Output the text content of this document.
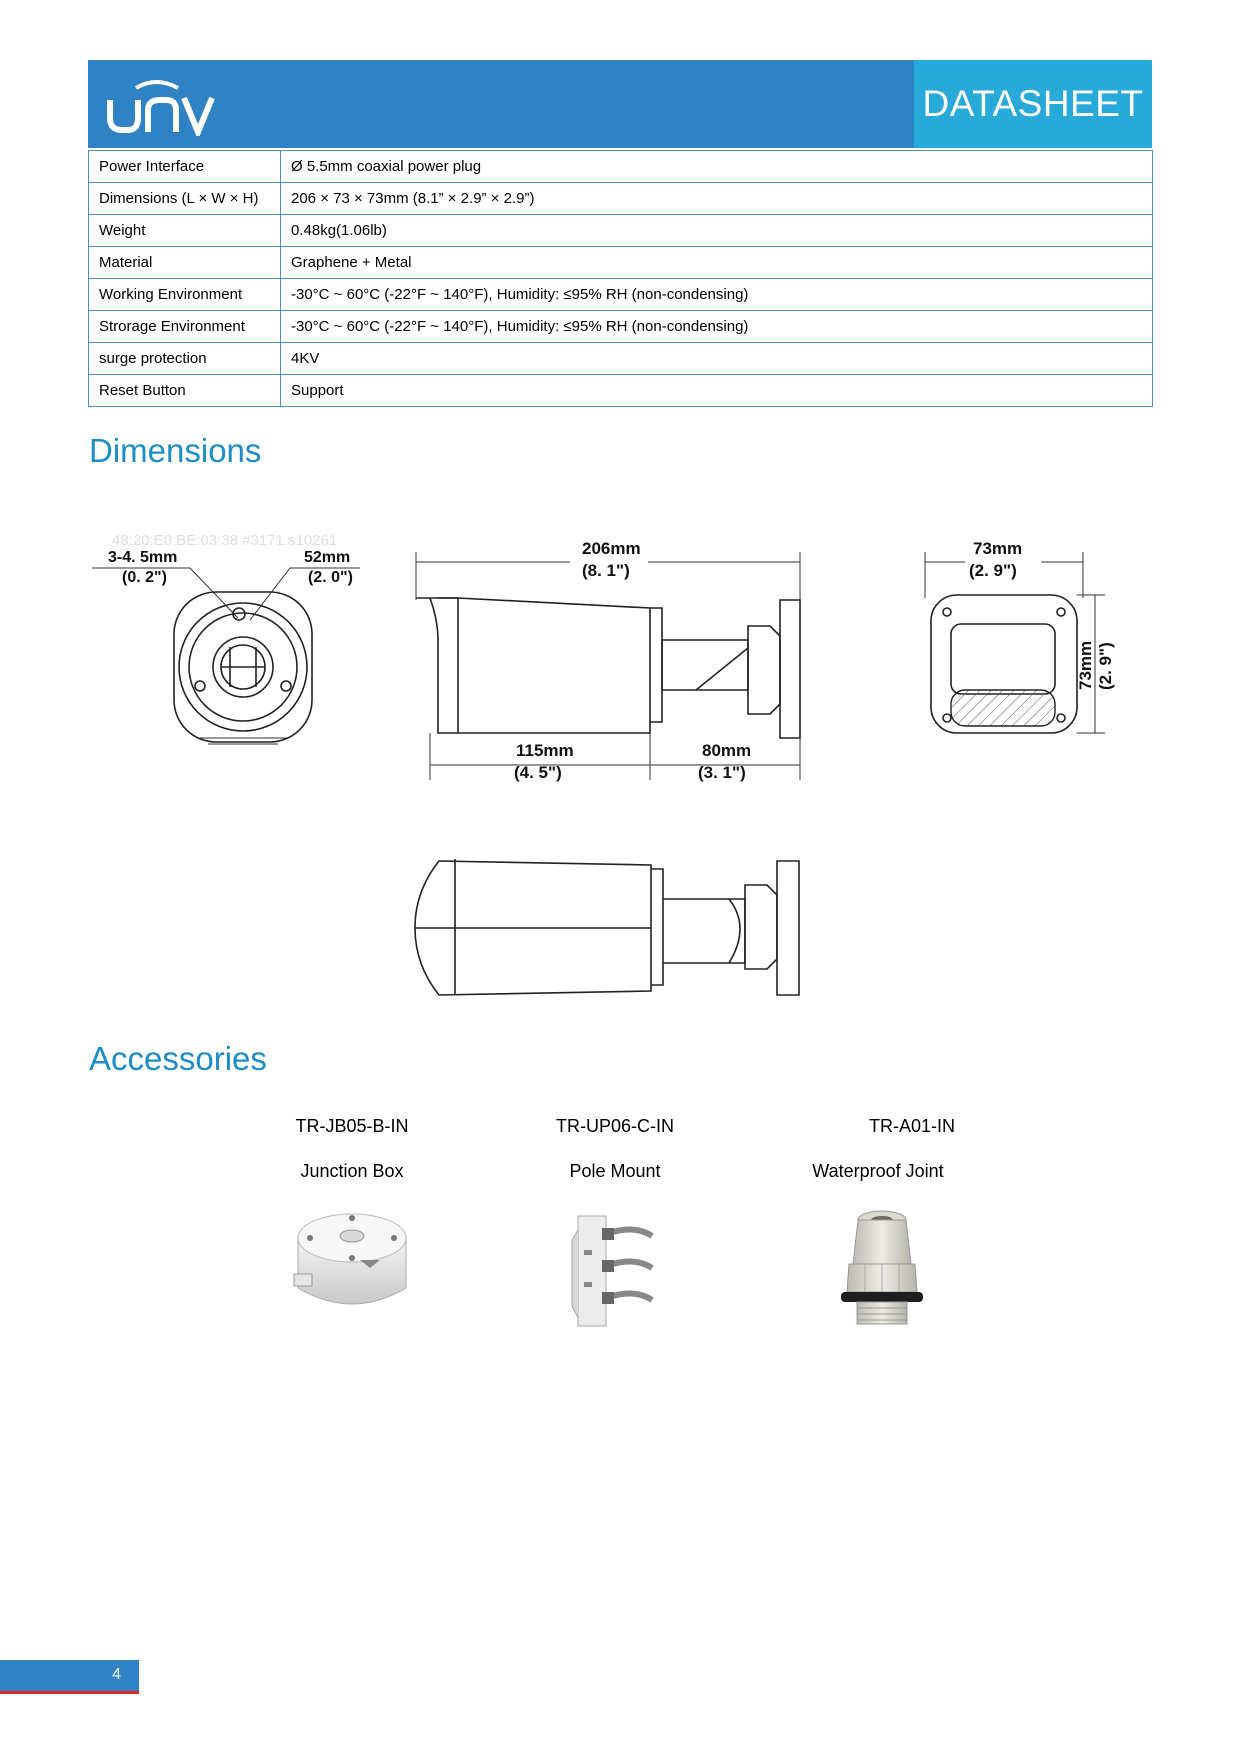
DATASHEET
Power Interface	Ø 5.5mm coaxial power plug
Dimensions (L × W × H)	206 × 73 × 73mm (8.1” × 2.9” × 2.9”)
Weight	0.48kg(1.06lb)
Material	Graphene + Metal
Working Environment	-30°C ~ 60°C (-22°F ~ 140°F), Humidity: ≤95% RH (non-condensing)
Strorage Environment	-30°C ~ 60°C (-22°F ~ 140°F), Humidity: ≤95% RH (non-condensing)
surge protection	4KV
Reset Button	Support
Dimensions
48:20:E0:BE:03:38 #3171.s10261
3-4. 5mm
(0. 2")
52mm
(2. 0")
206mm
(8. 1")
115mm
(4. 5")
80mm
(3. 1")
73mm
(2. 9")
73mm (2. 9")
Accessories
TR-JB05-B-IN	TR-UP06-C-IN	TR-A01-IN
Junction Box	Pole Mount	Waterproof Joint
4
